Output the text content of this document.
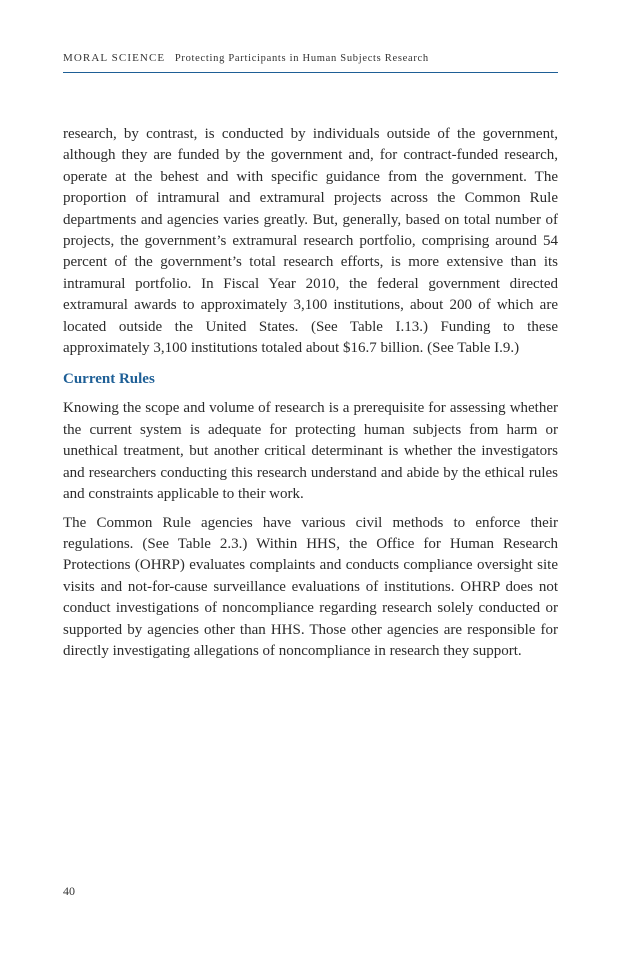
MORAL SCIENCE Protecting Participants in Human Subjects Research

research, by contrast, is conducted by individuals outside of the government, although they are funded by the government and, for contract-funded research, operate at the behest and with specific guidance from the government. The proportion of intramural and extramural projects across the Common Rule departments and agencies varies greatly. But, generally, based on total number of projects, the government’s extramural research portfolio, comprising around 54 percent of the government’s total research efforts, is more extensive than its intramural portfolio. In Fiscal Year 2010, the federal government directed extramural awards to approximately 3,100 institutions, about 200 of which are located outside the United States. (See Table I.13.) Funding to these approximately 3,100 institutions totaled about $16.7 billion. (See Table I.9.)

Current Rules

Knowing the scope and volume of research is a prerequisite for assessing whether the current system is adequate for protecting human subjects from harm or unethical treatment, but another critical determinant is whether the investigators and researchers conducting this research understand and abide by the ethical rules and constraints applicable to their work.

The Common Rule agencies have various civil methods to enforce their regulations. (See Table 2.3.) Within HHS, the Office for Human Research Protections (OHRP) evaluates complaints and conducts compliance oversight site visits and not-for-cause surveillance evaluations of institutions. OHRP does not conduct investigations of noncompliance regarding research solely conducted or supported by agencies other than HHS. Those other agencies are responsible for directly investigating allegations of noncompliance in research they support.

40
